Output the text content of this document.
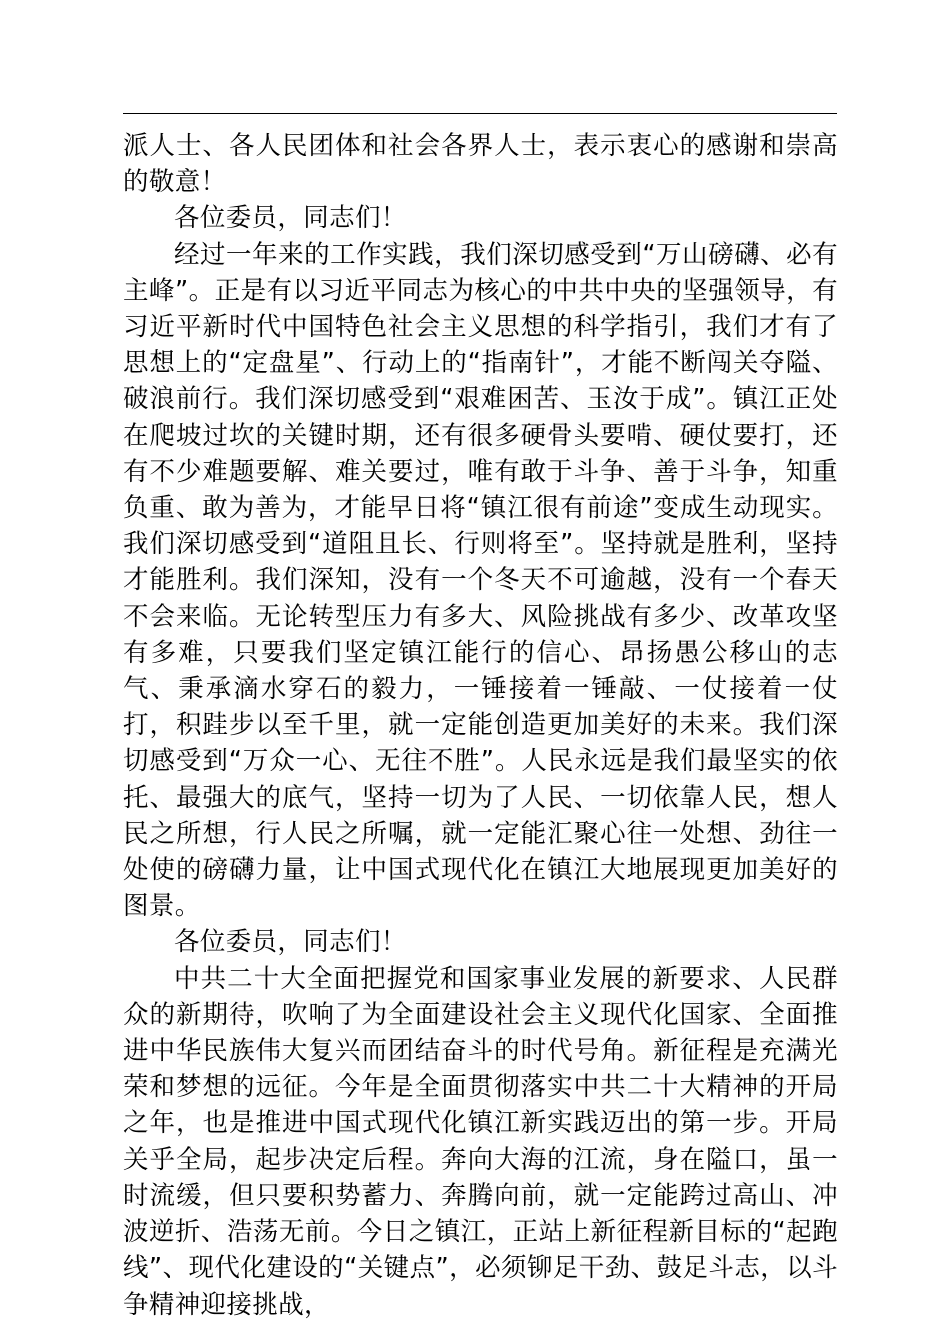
派人士、各人民团体和社会各界人士，表示衷心的感谢和崇高的敬意！

各位委员，同志们！

经过一年来的工作实践，我们深切感受到“万山磅礴、必有主峰”。正是有以习近平同志为核心的中共中央的坚强领导，有习近平新时代中国特色社会主义思想的科学指引，我们才有了思想上的“定盘星”、行动上的“指南针”，才能不断闯关夺隘、破浪前行。我们深切感受到“艰难困苦、玉汝于成”。镇江正处在爬坡过坎的关键时期，还有很多硬骨头要啃、硬仗要打，还有不少难题要解、难关要过，唯有敢于斗争、善于斗争，知重负重、敢为善为，才能早日将“镇江很有前途”变成生动现实。我们深切感受到“道阻且长、行则将至”。坚持就是胜利，坚持才能胜利。我们深知，没有一个冬天不可逾越，没有一个春天不会来临。无论转型压力有多大、风险挑战有多少、改革攻坚有多难，只要我们坚定镇江能行的信心、昂扬愚公移山的志气、秉承滴水穿石的毅力，一锤接着一锤敲、一仗接着一仗打，积跬步以至千里，就一定能创造更加美好的未来。我们深切感受到“万众一心、无往不胜”。人民永远是我们最坚实的依托、最强大的底气，坚持一切为了人民、一切依靠人民，想人民之所想，行人民之所嘱，就一定能汇聚心往一处想、劲往一处使的磅礴力量，让中国式现代化在镇江大地展现更加美好的图景。

各位委员，同志们！

中共二十大全面把握党和国家事业发展的新要求、人民群众的新期待，吹响了为全面建设社会主义现代化国家、全面推进中华民族伟大复兴而团结奋斗的时代号角。新征程是充满光荣和梦想的远征。今年是全面贯彻落实中共二十大精神的开局之年，也是推进中国式现代化镇江新实践迈出的第一步。开局关乎全局，起步决定后程。奔向大海的江流，身在隘口，虽一时流缓，但只要积势蓄力、奔腾向前，就一定能跨过高山、冲波逆折、浩荡无前。今日之镇江，正站上新征程新目标的“起跑线”、现代化建设的“关键点”，必须铆足干劲、鼓足斗志，以斗争精神迎接挑战，
